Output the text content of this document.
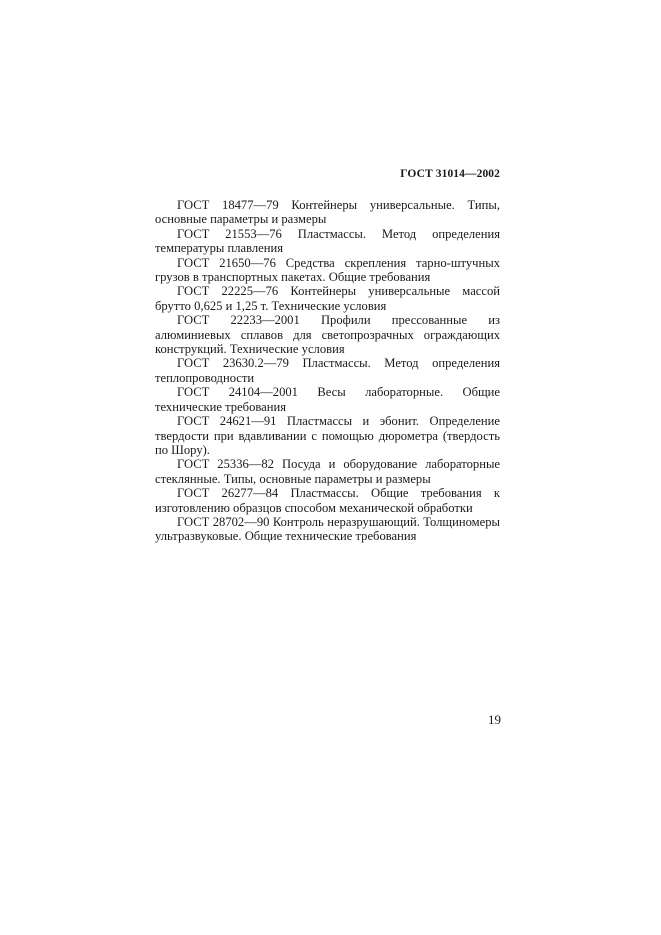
ГОСТ 31014—2002
ГОСТ 18477—79 Контейнеры универсальные. Типы, основные параметры и размеры
ГОСТ 21553—76 Пластмассы. Метод определения температуры плавления
ГОСТ 21650—76 Средства скрепления тарно-штучных грузов в транспортных пакетах. Общие требования
ГОСТ 22225—76 Контейнеры универсальные массой брутто 0,625 и 1,25 т. Технические условия
ГОСТ 22233—2001 Профили прессованные из алюминиевых сплавов для светопрозрачных ограждающих конструкций. Технические условия
ГОСТ 23630.2—79 Пластмассы. Метод определения теплопроводности
ГОСТ 24104—2001 Весы лабораторные. Общие технические требования
ГОСТ 24621—91 Пластмассы и эбонит. Определение твердости при вдавливании с помощью дюрометра (твердость по Шору).
ГОСТ 25336—82 Посуда и оборудование лабораторные стеклянные. Типы, основные параметры и размеры
ГОСТ 26277—84 Пластмассы. Общие требования к изготовлению образцов способом механической обработки
ГОСТ 28702—90 Контроль неразрушающий. Толщиномеры ультразвуковые. Общие технические требования
19
